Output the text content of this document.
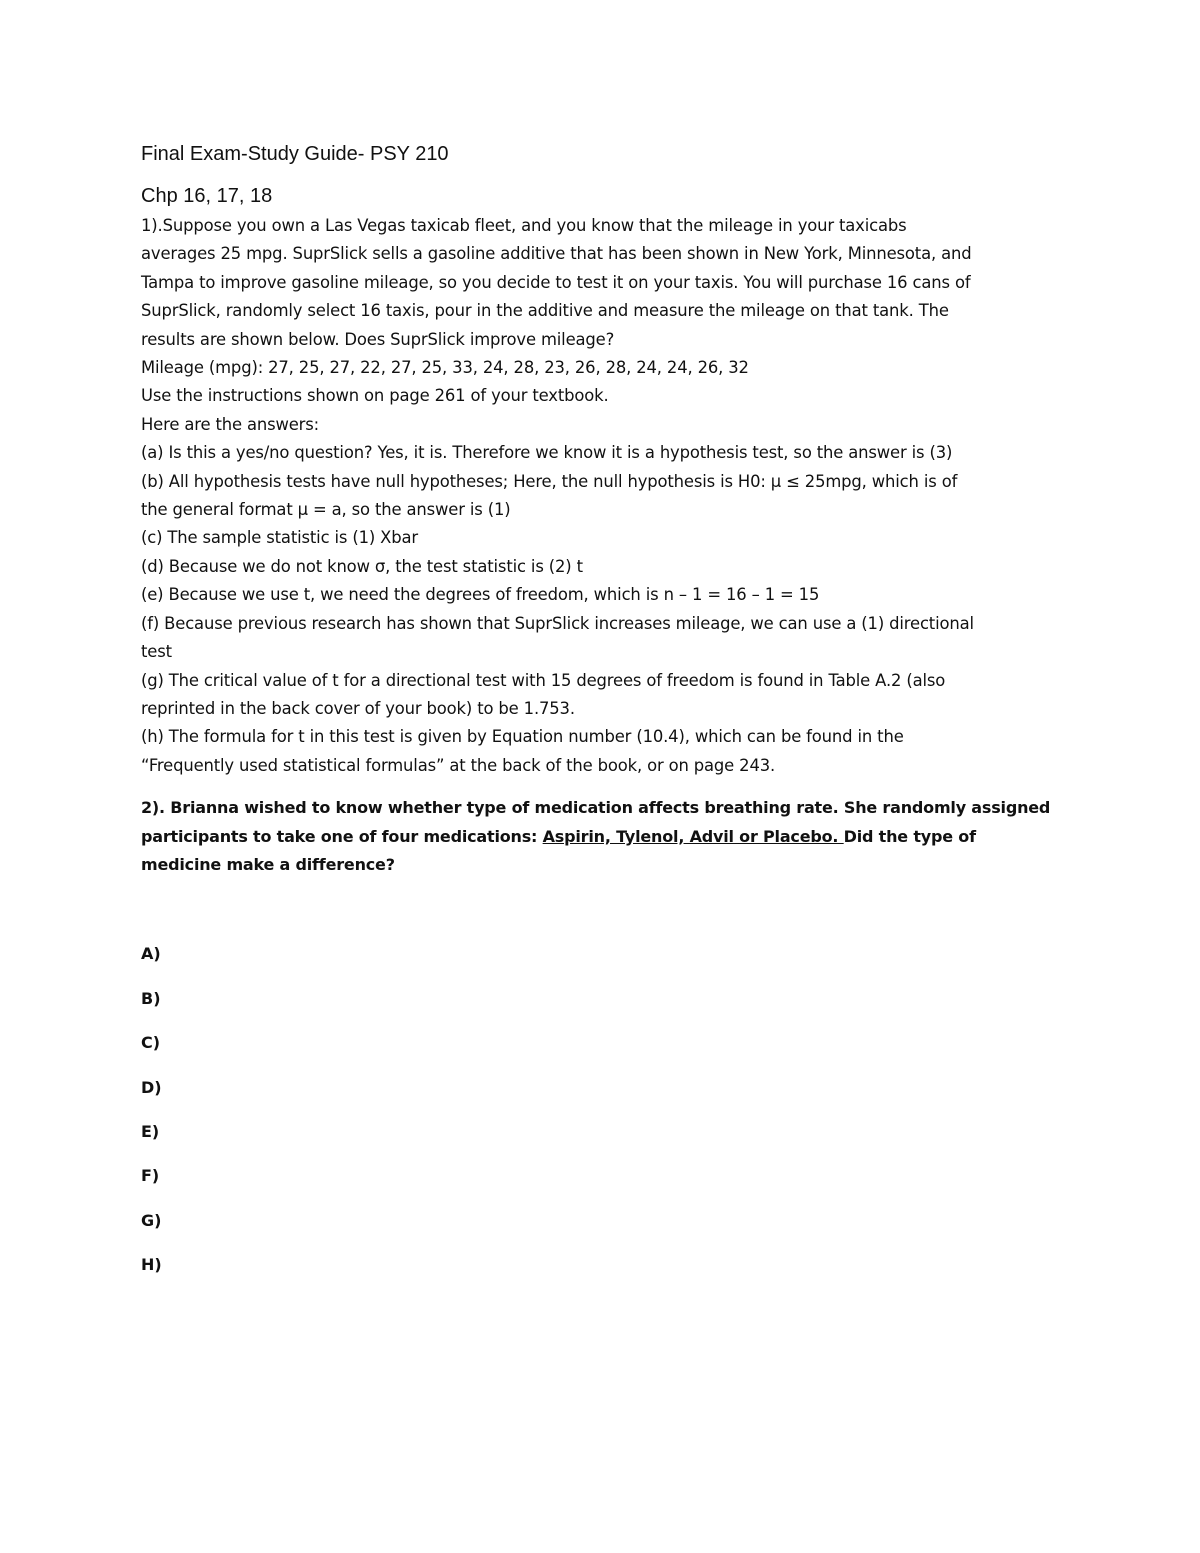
Final Exam-Study Guide- PSY 210
Chp 16, 17, 18

1).Suppose you own a Las Vegas taxicab fleet, and you know that the mileage in your taxicabs

averages 25 mpg. SuprSlick sells a gasoline additive that has been shown in New York, Minnesota, and

Tampa to improve gasoline mileage, so you decide to test it on your taxis. You will purchase 16 cans of

SuprSlick, randomly select 16 taxis, pour in the additive and measure the mileage on that tank. The

results are shown below. Does SuprSlick improve mileage?

Mileage (mpg): 27, 25, 27, 22, 27, 25, 33, 24, 28, 23, 26, 28, 24, 24, 26, 32

Use the instructions shown on page 261 of your textbook.

Here are the answers:

(a) Is this a yes/no question? Yes, it is. Therefore we know it is a hypothesis test, so the answer is (3)

(b) All hypothesis tests have null hypotheses; Here, the null hypothesis is H0: μ ≤ 25mpg, which is of

the general format μ = a, so the answer is (1)

(c) The sample statistic is (1) Xbar

(d) Because we do not know σ, the test statistic is (2) t

(e) Because we use t, we need the degrees of freedom, which is n – 1 = 16 – 1 = 15

(f) Because previous research has shown that SuprSlick increases mileage, we can use a (1) directional

test

(g) The critical value of t for a directional test with 15 degrees of freedom is found in Table A.2 (also

reprinted in the back cover of your book) to be 1.753.

(h) The formula for t in this test is given by Equation number (10.4), which can be found in the

“Frequently used statistical formulas” at the back of the book, or on page 243.

2). Brianna wished to know whether type of medication affects breathing rate. She randomly assigned

participants to take one of four medications: Aspirin, Tylenol, Advil or Placebo. Did the type of

medicine make a difference?

A)

B)

C)

D)

E)

F)

G)

H)
